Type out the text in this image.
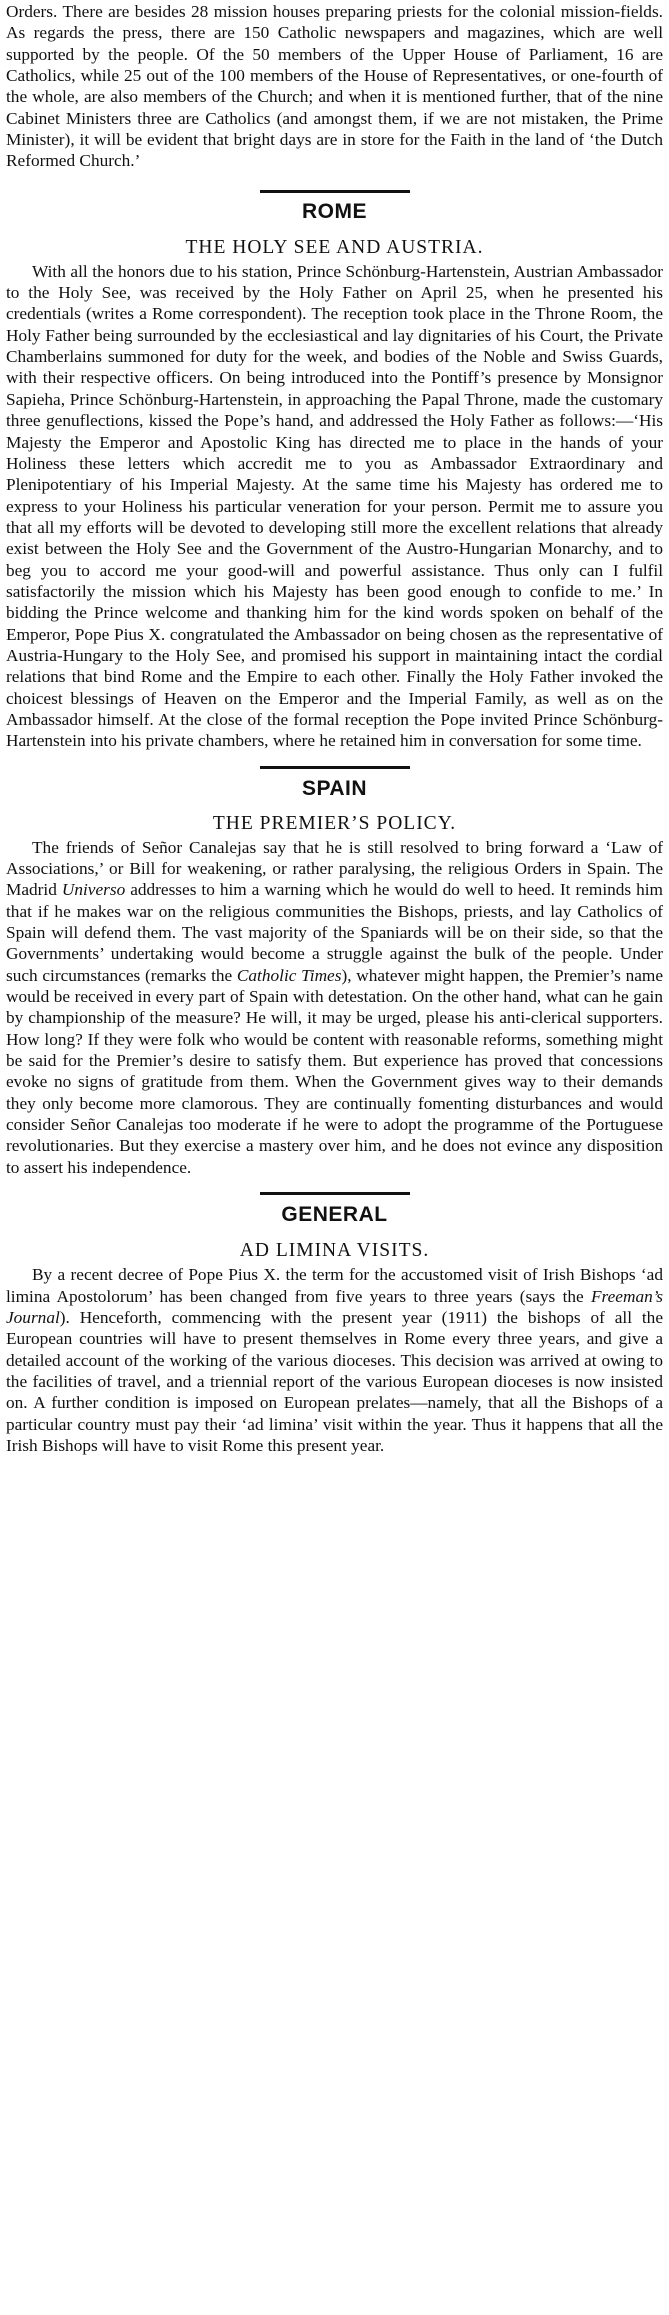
Orders. There are besides 28 mission houses preparing priests for the colonial mission-fields. As regards the press, there are 150 Catholic newspapers and magazines, which are well supported by the people. Of the 50 members of the Upper House of Parliament, 16 are Catholics, while 25 out of the 100 members of the House of Representatives, or one-fourth of the whole, are also members of the Church; and when it is mentioned further, that of the nine Cabinet Ministers three are Catholics (and amongst them, if we are not mistaken, the Prime Minister), it will be evident that bright days are in store for the Faith in the land of ‘the Dutch Reformed Church.’

ROME
THE HOLY SEE AND AUSTRIA.

With all the honors due to his station, Prince Schönburg-Hartenstein, Austrian Ambassador to the Holy See, was received by the Holy Father on April 25, when he presented his credentials (writes a Rome correspondent). The reception took place in the Throne Room, the Holy Father being surrounded by the ecclesiastical and lay dignitaries of his Court, the Private Chamberlains summoned for duty for the week, and bodies of the Noble and Swiss Guards, with their respective officers. On being introduced into the Pontiff’s presence by Monsignor Sapieha, Prince Schönburg-Hartenstein, in approaching the Papal Throne, made the customary three genuflections, kissed the Pope’s hand, and addressed the Holy Father as follows:—‘His Majesty the Emperor and Apostolic King has directed me to place in the hands of your Holiness these letters which accredit me to you as Ambassador Extraordinary and Plenipotentiary of his Imperial Majesty. At the same time his Majesty has ordered me to express to your Holiness his particular veneration for your person. Permit me to assure you that all my efforts will be devoted to developing still more the excellent relations that already exist between the Holy See and the Government of the Austro-Hungarian Monarchy, and to beg you to accord me your good-will and powerful assistance. Thus only can I fulfil satisfactorily the mission which his Majesty has been good enough to confide to me.’ In bidding the Prince welcome and thanking him for the kind words spoken on behalf of the Emperor, Pope Pius X. congratulated the Ambassador on being chosen as the representative of Austria-Hungary to the Holy See, and promised his support in maintaining intact the cordial relations that bind Rome and the Empire to each other. Finally the Holy Father invoked the choicest blessings of Heaven on the Emperor and the Imperial Family, as well as on the Ambassador himself. At the close of the formal reception the Pope invited Prince Schönburg-Hartenstein into his private chambers, where he retained him in conversation for some time.

SPAIN
THE PREMIER’S POLICY.

The friends of Señor Canalejas say that he is still resolved to bring forward a ‘Law of Associations,’ or Bill for weakening, or rather paralysing, the religious Orders in Spain. The Madrid Universo addresses to him a warning which he would do well to heed. It reminds him that if he makes war on the religious communities the Bishops, priests, and lay Catholics of Spain will defend them. The vast majority of the Spaniards will be on their side, so that the Governments’ undertaking would become a struggle against the bulk of the people. Under such circumstances (remarks the Catholic Times), whatever might happen, the Premier’s name would be received in every part of Spain with detestation. On the other hand, what can he gain by championship of the measure? He will, it may be urged, please his anti-clerical supporters. How long? If they were folk who would be content with reasonable reforms, something might be said for the Premier’s desire to satisfy them. But experience has proved that concessions evoke no signs of gratitude from them. When the Government gives way to their demands they only become more clamorous. They are continually fomenting disturbances and would consider Señor Canalejas too moderate if he were to adopt the programme of the Portuguese revolutionaries. But they exercise a mastery over him, and he does not evince any disposition to assert his independence.

GENERAL
AD LIMINA VISITS.

By a recent decree of Pope Pius X. the term for the accustomed visit of Irish Bishops ‘ad limina Apostolorum’ has been changed from five years to three years (says the Freeman’s Journal). Henceforth, commencing with the present year (1911) the bishops of all the European countries will have to present themselves in Rome every three years, and give a detailed account of the working of the various dioceses. This decision was arrived at owing to the facilities of travel, and a triennial report of the various European dioceses is now insisted on. A further condition is imposed on European prelates—namely, that all the Bishops of a particular country must pay their ‘ad limina’ visit within the year. Thus it happens that all the Irish Bishops will have to visit Rome this present year.
